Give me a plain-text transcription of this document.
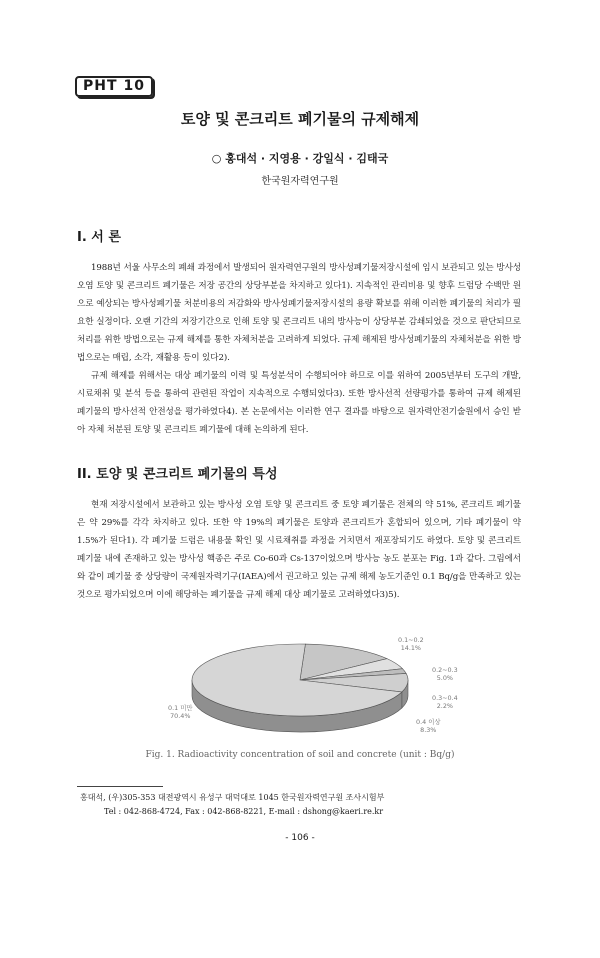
PHT 10
토양 및 콘크리트 폐기물의 규제해제
○ 홍대석 · 지영용 · 강일식 · 김태국
한국원자력연구원
I. 서 론

1988년 서울 사무소의 폐쇄 과정에서 발생되어 원자력연구원의 방사성폐기물저장시설에 임시 보관되고 있는 방사성오염 토양 및 콘크리트 폐기물은 저장 공간의 상당부분을 차지하고 있다1). 지속적인 관리비용 및 향후 드럼당 수백만 원으로 예상되는 방사성폐기물 처분비용의 저감화와 방사성폐기물저장시설의 용량 확보를 위해 이러한 폐기물의 처리가 필요한 실정이다. 오랜 기간의 저장기간으로 인해 토양 및 콘크리트 내의 방사능이 상당부분 감쇄되었을 것으로 판단되므로 처리를 위한 방법으로는 규제 해제를 통한 자체처분을 고려하게 되었다. 규제 해제된 방사성폐기물의 자체처분을 위한 방법으로는 매립, 소각, 재활용 등이 있다2).

규제 해제를 위해서는 대상 폐기물의 이력 및 특성분석이 수행되어야 하므로 이를 위하여 2005년부터 도구의 개발, 시료채취 및 분석 등을 통하여 관련된 작업이 지속적으로 수행되었다3). 또한 방사선적 선량평가를 통하여 규제 해제된 폐기물의 방사선적 안전성을 평가하였다4). 본 논문에서는 이러한 연구 결과를 바탕으로 원자력안전기술원에서 승인 받아 자체 처분된 토양 및 콘크리트 폐기물에 대해 논의하게 된다.

II. 토양 및 콘크리트 폐기물의 특성

현재 저장시설에서 보관하고 있는 방사성 오염 토양 및 콘크리트 중 토양 폐기물은 전체의 약 51%, 콘크리트 폐기물은 약 29%를 각각 차지하고 있다. 또한 약 19%의 폐기물은 토양과 콘크리트가 혼합되어 있으며, 기타 폐기물이 약 1.5%가 된다1). 각 폐기물 드럼은 내용물 확인 및 시료채취를 과정을 거치면서 재포장되기도 하였다. 토양 및 콘크리트 폐기물 내에 존재하고 있는 방사성 핵종은 주로 Co-60과 Cs-137이었으며 방사능 농도 분포는 Fig. 1과 같다. 그림에서와 같이 폐기물 중 상당량이 국제원자력기구(IAEA)에서 권고하고 있는 규제 해제 농도기준인 0.1 Bq/g을 만족하고 있는 것으로 평가되었으며 이에 해당하는 폐기물을 규제 해제 대상 폐기물로 고려하였다3)5).

0.1~0.2
14.1%
0.2~0.3
5.0%
0.3~0.4
2.2%
0.4 이상
8.3%
0.1 미만
70.4%
Fig. 1. Radioactivity concentration of soil and concrete (unit : Bq/g)
홍대석, (우)305-353 대전광역시 유성구 대덕대로 1045 한국원자력연구원 조사시험부
Tel : 042-868-4724, Fax : 042-868-8221, E-mail : dshong@kaeri.re.kr
- 106 -
